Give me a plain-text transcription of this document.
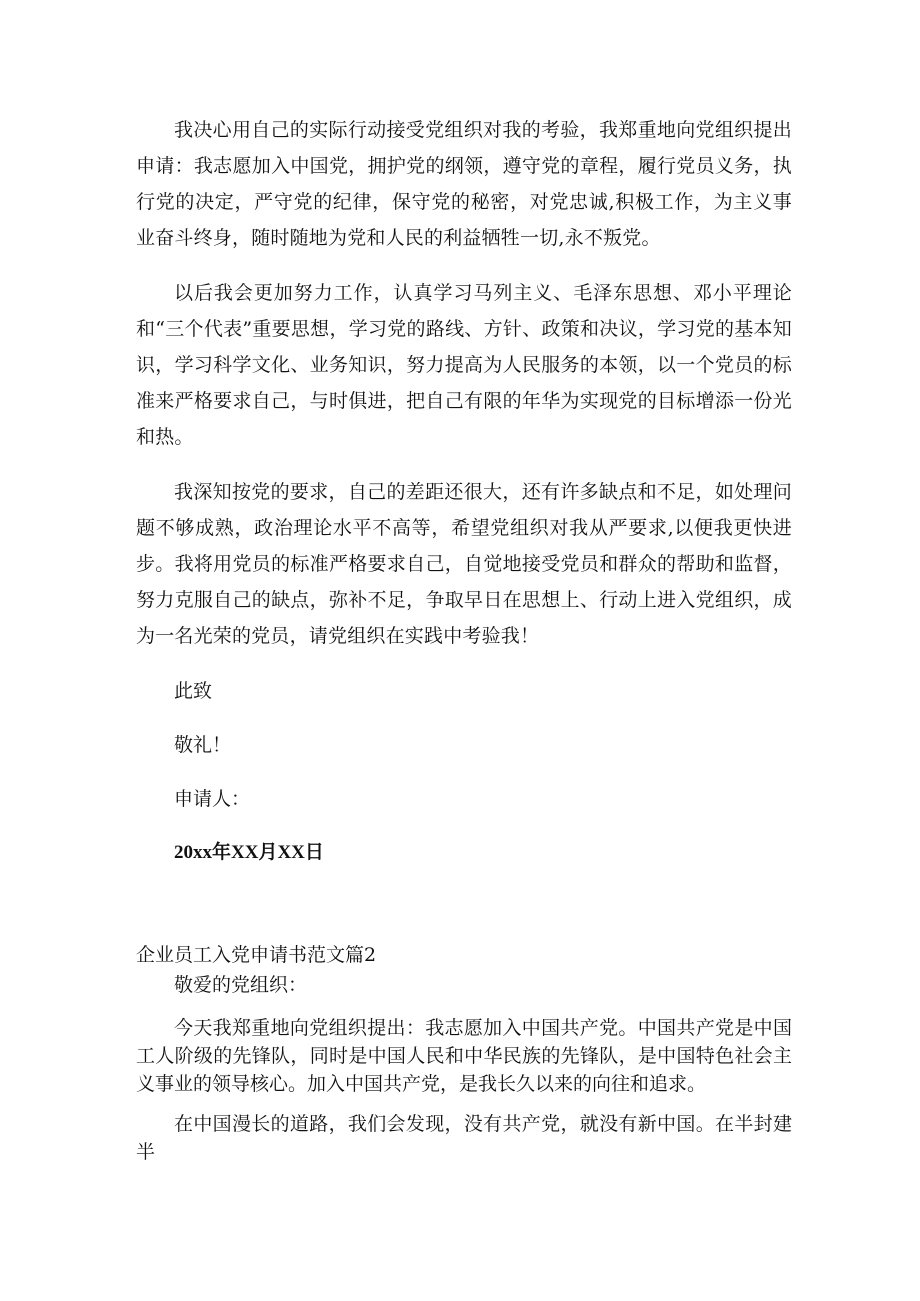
我决心用自己的实际行动接受党组织对我的考验，我郑重地向党组织提出申请：我志愿加入中国党，拥护党的纲领，遵守党的章程，履行党员义务，执行党的决定，严守党的纪律，保守党的秘密，对党忠诚,积极工作，为主义事业奋斗终身，随时随地为党和人民的利益牺牲一切,永不叛党。

以后我会更加努力工作，认真学习马列主义、毛泽东思想、邓小平理论和“三个代表”重要思想，学习党的路线、方针、政策和决议，学习党的基本知识，学习科学文化、业务知识，努力提高为人民服务的本领，以一个党员的标准来严格要求自己，与时俱进，把自己有限的年华为实现党的目标增添一份光和热。

我深知按党的要求，自己的差距还很大，还有许多缺点和不足，如处理问题不够成熟，政治理论水平不高等，希望党组织对我从严要求,以便我更快进步。我将用党员的标准严格要求自己，自觉地接受党员和群众的帮助和监督，努力克服自己的缺点，弥补不足，争取早日在思想上、行动上进入党组织，成为一名光荣的党员，请党组织在实践中考验我！

此致

敬礼！

申请人：

20xx年XX月XX日

企业员工入党申请书范文篇2

敬爱的党组织：

今天我郑重地向党组织提出：我志愿加入中国共产党。中国共产党是中国工人阶级的先锋队，同时是中国人民和中华民族的先锋队，是中国特色社会主义事业的领导核心。加入中国共产党，是我长久以来的向往和追求。

在中国漫长的道路，我们会发现，没有共产党，就没有新中国。在半封建半
